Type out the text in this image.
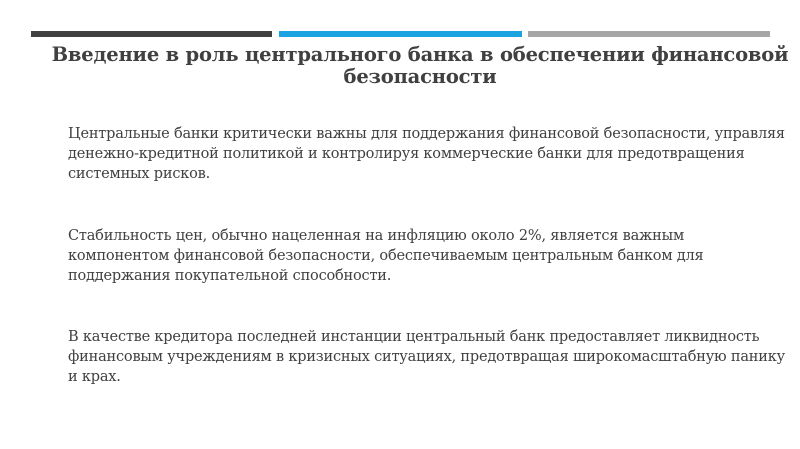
Введение в роль центрального банка в обеспечении финансовой безопасности

Центральные банки критически важны для поддержания финансовой безопасности, управляя денежно-кредитной политикой и контролируя коммерческие банки для предотвращения системных рисков.

Стабильность цен, обычно нацеленная на инфляцию около 2%, является важным компонентом финансовой безопасности, обеспечиваемым центральным банком для поддержания покупательной способности.

В качестве кредитора последней инстанции центральный банк предоставляет ликвидность финансовым учреждениям в кризисных ситуациях, предотвращая широкомасштабную панику и крах.
